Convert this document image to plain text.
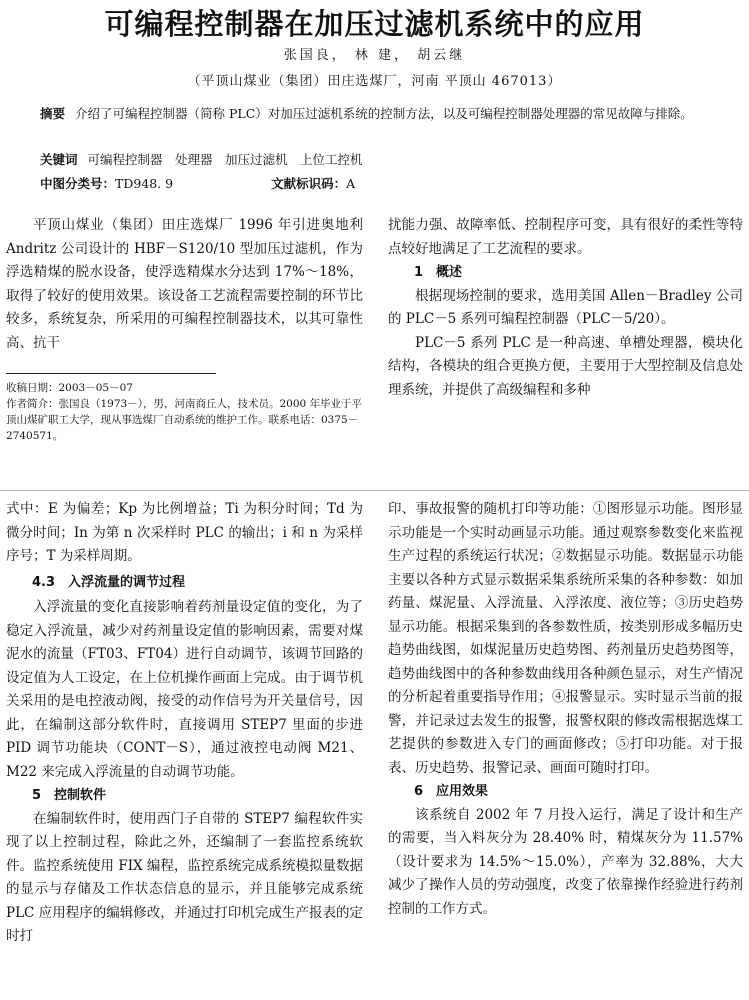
可编程控制器在加压过滤机系统中的应用
张国良， 林 建， 胡云继
（平顶山煤业（集团）田庄选煤厂，河南 平顶山 467013）
摘要 介绍了可编程控制器（简称 PLC）对加压过滤机系统的控制方法，以及可编程控制器处理器的常见故障与排除。
关键词 可编程控制器　处理器　加压过滤机　上位工控机
中图分类号：TD948. 9	文献标识码：A

平顶山煤业（集团）田庄选煤厂 1996 年引进奥地利 Andritz 公司设计的 HBF－S120/10 型加压过滤机，作为浮选精煤的脱水设备，使浮选精煤水分达到 17%～18%，取得了较好的使用效果。该设备工艺流程需要控制的环节比较多，系统复杂，所采用的可编程控制器技术，以其可靠性高、抗干

收稿日期：2003－05－07
作者简介：张国良（1973－），男，河南商丘人，技术员。2000 年毕业于平顶山煤矿职工大学，现从事选煤厂自动系统的维护工作。联系电话：0375－2740571。

扰能力强、故障率低、控制程序可变，具有很好的柔性等特点较好地满足了工艺流程的要求。

1　概述

根据现场控制的要求，选用美国 Allen－Bradley 公司的 PLC－5 系列可编程控制器（PLC－5/20）。

PLC－5 系列 PLC 是一种高速、单槽处理器，模块化结构，各模块的组合更换方便，主要用于大型控制及信息处理系统，并提供了高级编程和多种

式中：E 为偏差；Kp 为比例增益；Ti 为积分时间；Td 为微分时间；In 为第 n 次采样时 PLC 的输出；i 和 n 为采样序号；T 为采样周期。

4.3　入浮流量的调节过程

入浮流量的变化直接影响着药剂量设定值的变化，为了稳定入浮流量，减少对药剂量设定值的影响因素，需要对煤泥水的流量（FT03、FT04）进行自动调节，该调节回路的设定值为人工设定，在上位机操作画面上完成。由于调节机关采用的是电控液动阀，接受的动作信号为开关量信号，因此，在编制这部分软件时，直接调用 STEP7 里面的步进 PID 调节功能块（CONT－S），通过液控电动阀 M21、M22 来完成入浮流量的自动调节功能。

5　控制软件

在编制软件时，使用西门子自带的 STEP7 编程软件实现了以上控制过程，除此之外，还编制了一套监控系统软件。监控系统使用 FIX 编程，监控系统完成系统模拟量数据的显示与存储及工作状态信息的显示，并且能够完成系统 PLC 应用程序的编辑修改，并通过打印机完成生产报表的定时打

印、事故报警的随机打印等功能：①图形显示功能。图形显示功能是一个实时动画显示功能。通过观察参数变化来监视生产过程的系统运行状况；②数据显示功能。数据显示功能主要以各种方式显示数据采集系统所采集的各种参数：如加药量、煤泥量、入浮流量、入浮浓度、液位等；③历史趋势显示功能。根据采集到的各参数性质，按类别形成多幅历史趋势曲线图，如煤泥量历史趋势图、药剂量历史趋势图等，趋势曲线图中的各种参数曲线用各种颜色显示，对生产情况的分析起着重要指导作用；④报警显示。实时显示当前的报警，并记录过去发生的报警，报警权限的修改需根据选煤工艺提供的参数进入专门的画面修改；⑤打印功能。对于报表、历史趋势、报警记录、画面可随时打印。

6　应用效果

该系统自 2002 年 7 月投入运行，满足了设计和生产的需要，当入料灰分为 28.40% 时，精煤灰分为 11.57%（设计要求为 14.5%～15.0%），产率为 32.88%，大大减少了操作人员的劳动强度，改变了依靠操作经验进行药剂控制的工作方式。
